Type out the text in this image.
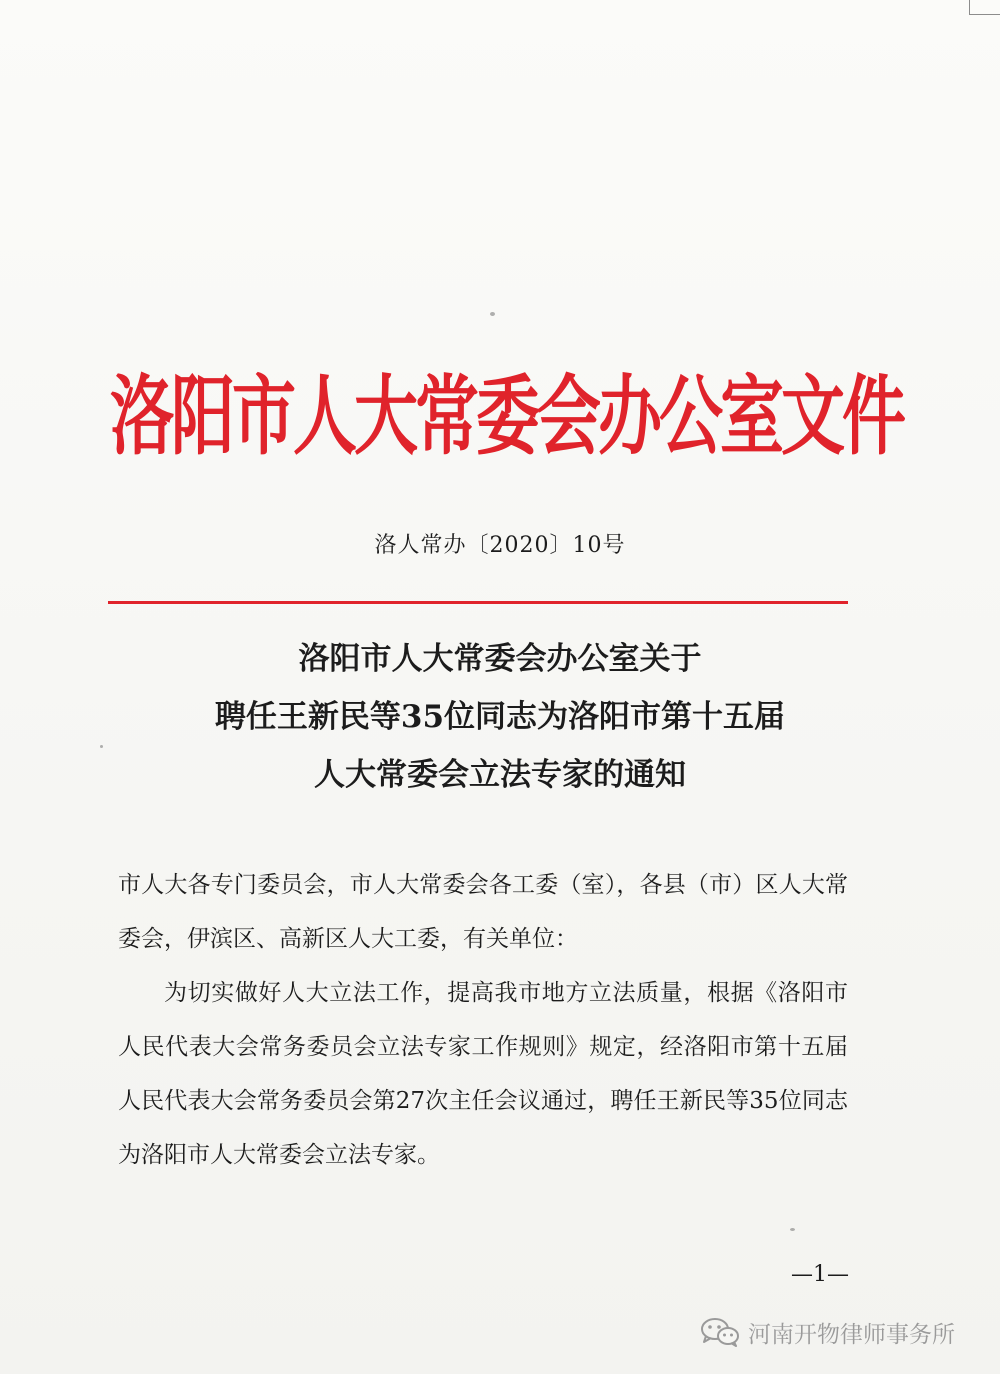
洛阳市人大常委会办公室文件
洛人常办〔2020〕10号
洛阳市人大常委会办公室关于
聘任王新民等35位同志为洛阳市第十五届
人大常委会立法专家的通知

市人大各专门委员会，市人大常委会各工委（室），各县（市）区人大常委会，伊滨区、高新区人大工委，有关单位：

为切实做好人大立法工作，提高我市地方立法质量，根据《洛阳市人民代表大会常务委员会立法专家工作规则》规定，经洛阳市第十五届人民代表大会常务委员会第27次主任会议通过，聘任王新民等35位同志为洛阳市人大常委会立法专家。

—1—
河南开物律师事务所
